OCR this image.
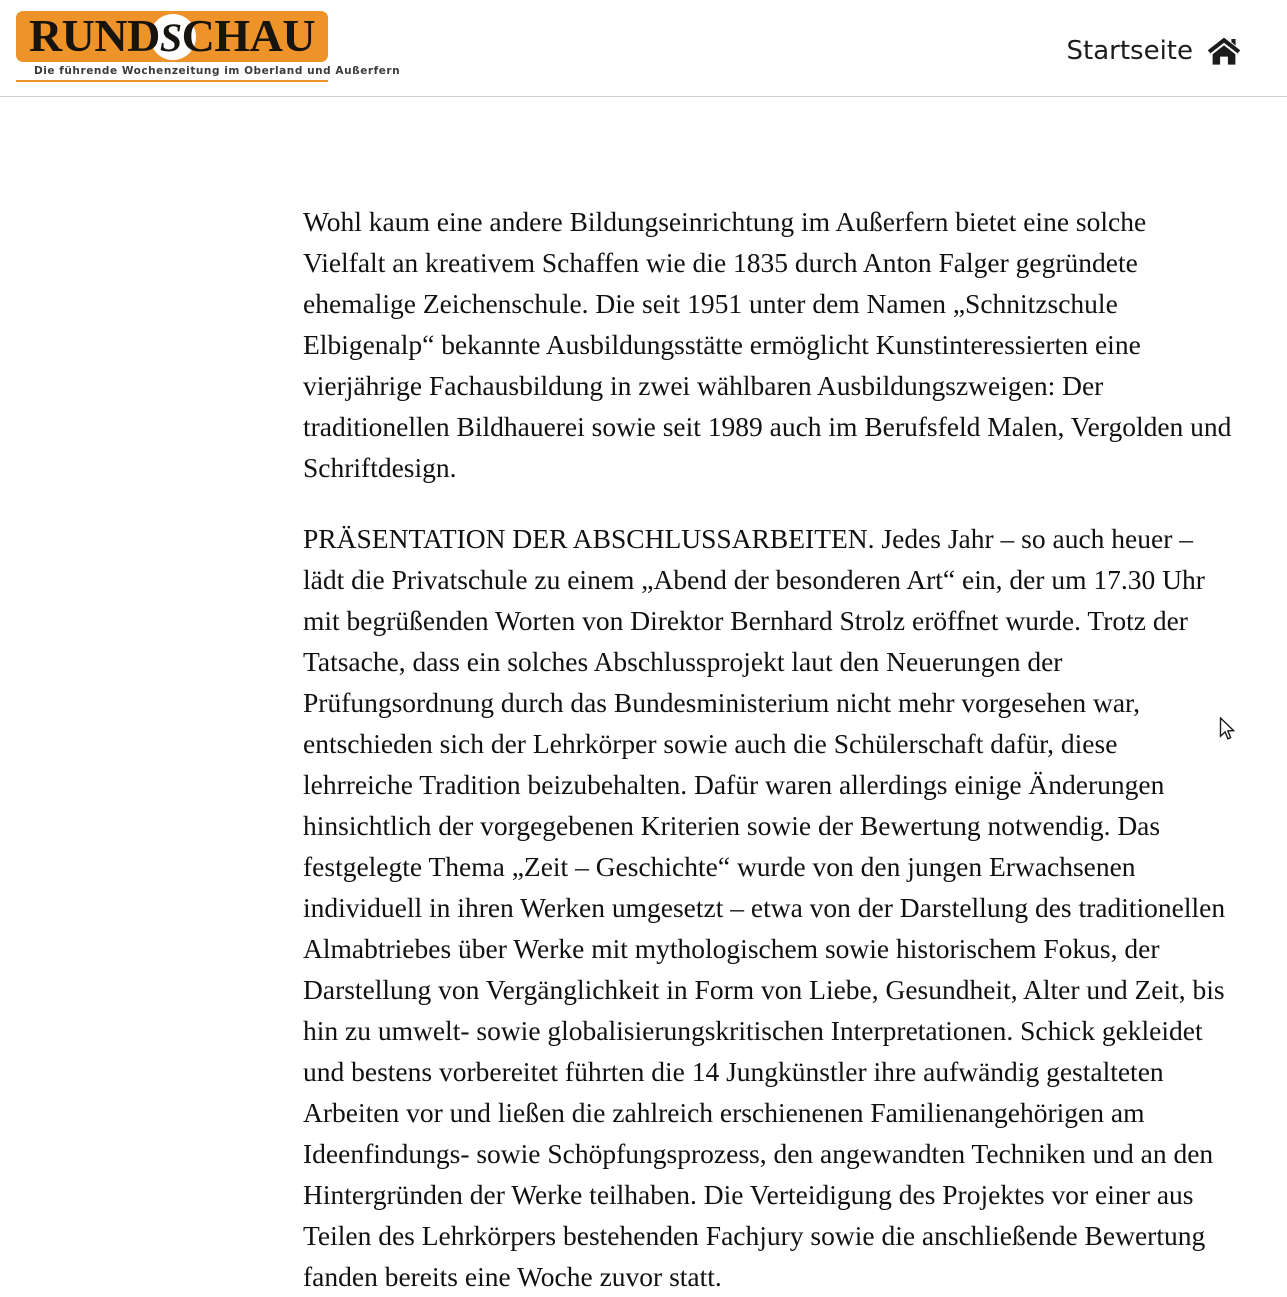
RUNDSCHAU
Die führende Wochenzeitung im Oberland und Außerfern
Startseite

Wohl kaum eine andere Bildungseinrichtung im Außerfern bietet eine solche Vielfalt an kreativem Schaffen wie die 1835 durch Anton Falger gegründete ehemalige Zeichenschule. Die seit 1951 unter dem Namen „Schnitzschule Elbigenalp“ bekannte Ausbildungsstätte ermöglicht Kunstinteressierten eine vierjährige Fachausbildung in zwei wählbaren Ausbildungszweigen: Der traditionellen Bildhauerei sowie seit 1989 auch im Berufsfeld Malen, Vergolden und Schriftdesign.

PRÄSENTATION DER ABSCHLUSSARBEITEN. Jedes Jahr – so auch heuer – lädt die Privatschule zu einem „Abend der besonderen Art“ ein, der um 17.30 Uhr mit begrüßenden Worten von Direktor Bernhard Strolz eröffnet wurde. Trotz der Tatsache, dass ein solches Abschlussprojekt laut den Neuerungen der Prüfungsordnung durch das Bundesministerium nicht mehr vorgesehen war, entschieden sich der Lehrkörper sowie auch die Schülerschaft dafür, diese lehrreiche Tradition beizubehalten. Dafür waren allerdings einige Änderungen hinsichtlich der vorgegebenen Kriterien sowie der Bewertung notwendig. Das festgelegte Thema „Zeit – Geschichte“ wurde von den jungen Erwachsenen individuell in ihren Werken umgesetzt – etwa von der Darstellung des traditionellen Almabtriebes über Werke mit mythologischem sowie historischem Fokus, der Darstellung von Vergänglichkeit in Form von Liebe, Gesundheit, Alter und Zeit, bis hin zu umwelt- sowie globalisierungskritischen Interpretationen. Schick gekleidet und bestens vorbereitet führten die 14 Jungkünstler ihre aufwändig gestalteten Arbeiten vor und ließen die zahlreich erschienenen Familienangehörigen am Ideenfindungs- sowie Schöpfungsprozess, den angewandten Techniken und an den Hintergründen der Werke teilhaben. Die Verteidigung des Projektes vor einer aus Teilen des Lehrkörpers bestehenden Fachjury sowie die anschließende Bewertung fanden bereits eine Woche zuvor statt.
